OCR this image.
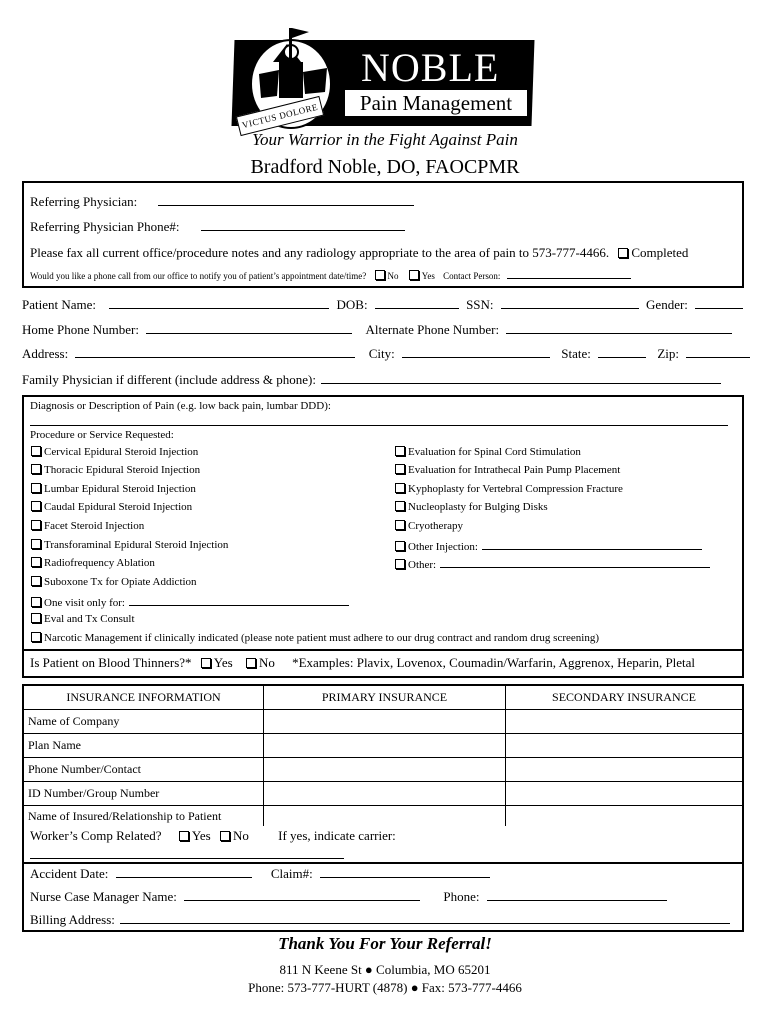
VICTUS DOLORE
NOBLE
Pain Management
Your Warrior in the Fight Against Pain
Bradford Noble, DO, FAOCPMR
Referring Physician:
Referring Physician Phone#:
Please fax all current office/procedure notes and any radiology appropriate to the area of pain to 573-777-4466. Completed
Would you like a phone call from our office to notify you of patient’s appointment date/time? No	Yes Contact Person:
Patient Name:	DOB:	SSN:	Gender:
Home Phone Number:	Alternate Phone Number:
Address:	City:	State:	Zip:
Family Physician if different (include address & phone):
Diagnosis or Description of Pain (e.g. low back pain, lumbar DDD):
Procedure or Service Requested:
Cervical Epidural Steroid Injection
Thoracic Epidural Steroid Injection
Lumbar Epidural Steroid Injection
Caudal Epidural Steroid Injection
Facet Steroid Injection
Transforaminal Epidural Steroid Injection
Radiofrequency Ablation
Suboxone Tx for Opiate Addiction
One visit only for:
Eval and Tx Consult
Narcotic Management if clinically indicated (please note patient must adhere to our drug contract and random drug screening)
Evaluation for Spinal Cord Stimulation
Evaluation for Intrathecal Pain Pump Placement
Kyphoplasty for Vertebral Compression Fracture
Nucleoplasty for Bulging Disks
Cryotherapy
Other Injection:
Other:
Is Patient on Blood Thinners?* Yes No *Examples: Plavix, Lovenox, Coumadin/Warfarin, Aggrenox, Heparin, Pletal
INSURANCE INFORMATION	PRIMARY INSURANCE	SECONDARY INSURANCE
Name of Company
Plan Name
Phone Number/Contact
ID Number/Group Number
Name of Insured/Relationship to Patient
Worker’s Comp Related? Yes No If yes, indicate carrier:
Accident Date:	Claim#:
Nurse Case Manager Name:	Phone:
Billing Address:
Thank You For Your Referral!
811 N Keene St ● Columbia, MO 65201
Phone: 573-777-HURT (4878) ● Fax: 573-777-4466
